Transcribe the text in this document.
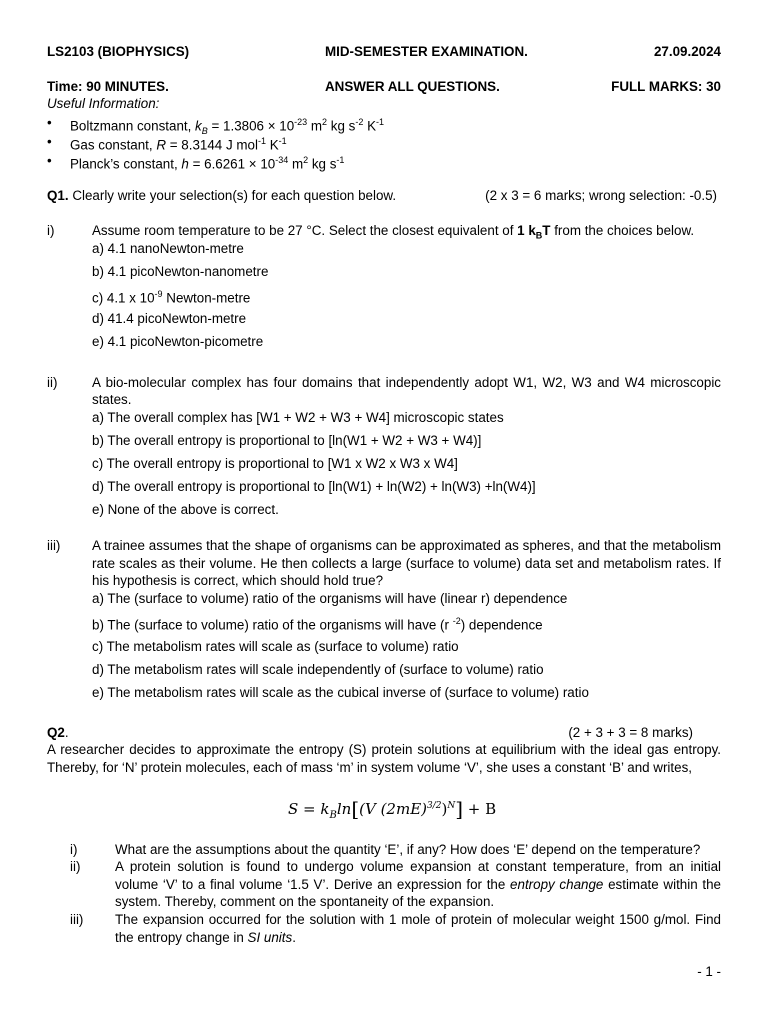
LS2103 (BIOPHYSICS)	MID-SEMESTER EXAMINATION.	27.09.2024
Time: 90 MINUTES.	ANSWER ALL QUESTIONS.	FULL MARKS: 30
Useful Information:
• Boltzmann constant, $k_B = 1.3806 \times 10^{-23}$ $m^2$ kg $s^{-2}$ $K^{-1}$
• Gas constant, R = 8.3144 J mol$^{-1}$ $K^{-1}$
• Planck’s constant, $h = 6.6261 \times 10^{-34}$ $m^2$ kg $s^{-1}$
Q1. Clearly write your selection(s) for each question below.	(2 x 3 = 6 marks; wrong selection: -0.5)
i)	Assume room temperature to be 27 °C. Select the closest equivalent of 1 $k_BT$ from the choices below.
a) 4.1 nanoNewton-metre
b) 4.1 picoNewton-nanometre
c) 4.1 x $10^{-9}$ Newton-metre
d) 41.4 picoNewton-metre
e) 4.1 picoNewton-picometre
ii)	A bio-molecular complex has four domains that independently adopt W1, W2, W3 and W4 microscopic states.
a) The overall complex has [W1 + W2 + W3 + W4] microscopic states
b) The overall entropy is proportional to [ln(W1 + W2 + W3 + W4)]
c) The overall entropy is proportional to [W1 x W2 x W3 x W4]
d) The overall entropy is proportional to [ln(W1) + ln(W2) + ln(W3) +ln(W4)]
e) None of the above is correct.
iii) A trainee assumes that the shape of organisms can be approximated as spheres, and that the metabolism rate scales as their volume. He then collects a large (surface to volume) data set and metabolism rates. If his hypothesis is correct, which should hold true?
a) The (surface to volume) ratio of the organisms will have (linear r) dependence
b) The (surface to volume) ratio of the organisms will have (r $^{-2}$) dependence
c) The metabolism rates will scale as (surface to volume) ratio
d) The metabolism rates will scale independently of (surface to volume) ratio
e) The metabolism rates will scale as the cubical inverse of (surface to volume) ratio
Q2.	(2 + 3 + 3 = 8 marks)
A researcher decides to approximate the entropy (S) protein solutions at equilibrium with the ideal gas entropy. Thereby, for ‘N’ protein molecules, each of mass ‘m’ in system volume ‘V’, she uses a constant ‘B’ and writes,
$S = k_B\ln[(V$ $(2mE)^{3/2})^N] + B$
i)	What are the assumptions about the quantity ‘E’, if any? How does ‘E’ depend on the temperature?
ii)	A protein solution is found to undergo volume expansion at constant temperature, from an initial volume ‘V’ to a final volume ‘1.5 V’. Derive an expression for the entropy change estimate within the system. Thereby, comment on the spontaneity of the expansion.
iii) The expansion occurred for the solution with 1 mole of protein of molecular weight 1500 g/mol. Find the entropy change in SI units.
- 1 -
